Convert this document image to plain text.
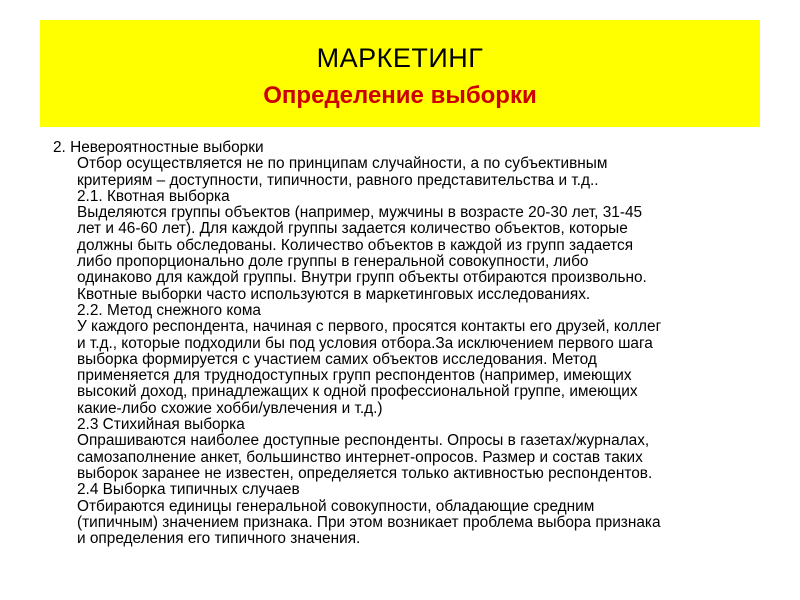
МАРКЕТИНГ
Определение выборки
2. Невероятностные выборки
Отбор осуществляется не по принципам случайности, а по субъективным
критериям – доступности, типичности, равного представительства и т.д..
2.1. Квотная выборка
Выделяются группы объектов (например, мужчины в возрасте 20-30 лет, 31-45
лет и 46-60 лет). Для каждой группы задается количество объектов, которые
должны быть обследованы. Количество объектов в каждой из групп задается
либо пропорционально доле группы в генеральной совокупности, либо
одинаково для каждой группы. Внутри групп объекты отбираются произвольно.
Квотные выборки часто используются в маркетинговых исследованиях.
2.2. Метод снежного кома
У каждого респондента, начиная с первого, просятся контакты его друзей, коллег
и т.д., которые подходили бы под условия отбора.За исключением первого шага
выборка формируется с участием самих объектов исследования. Метод
применяется для труднодоступных групп респондентов (например, имеющих
высокий доход, принадлежащих к одной профессиональной группе, имеющих
какие-либо схожие хобби/увлечения и т.д.)
2.3 Стихийная выборка
Опрашиваются наиболее доступные респонденты. Опросы в газетах/журналах,
самозаполнение анкет, большинство интернет-опросов. Размер и состав таких
выборок заранее не известен, определяется только активностью респондентов.
2.4 Выборка типичных случаев
Отбираются единицы генеральной совокупности, обладающие средним
(типичным) значением признака. При этом возникает проблема выбора признака
и определения его типичного значения.
